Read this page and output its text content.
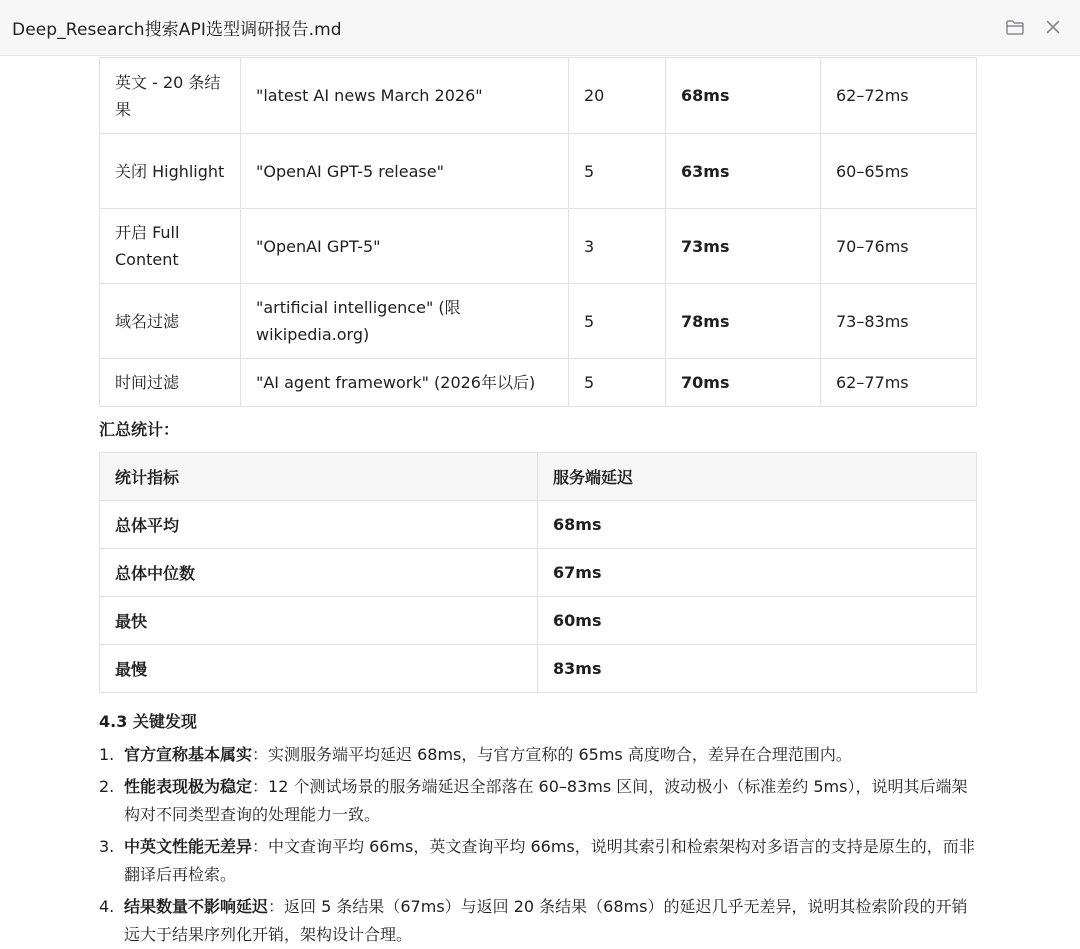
Deep_Research搜索API选型调研报告.md
英文 - 20 条结果	"latest AI news March 2026"	20	68ms	62–72ms
关闭 Highlight	"OpenAI GPT-5 release"	5	63ms	60–65ms
开启 Full Content	"OpenAI GPT-5"	3	73ms	70–76ms
域名过滤	"artificial intelligence" (限 wikipedia.org)	5	78ms	73–83ms
时间过滤	"AI agent framework" (2026年以后)	5	70ms	62–77ms
汇总统计：
统计指标	服务端延迟
总体平均	68ms
总体中位数	67ms
最快	60ms
最慢	83ms
4.3 关键发现
1. 官方宣称基本属实：实测服务端平均延迟 68ms，与官方宣称的 65ms 高度吻合，差异在合理范围内。
2. 性能表现极为稳定：12 个测试场景的服务端延迟全部落在 60–83ms 区间，波动极小（标准差约 5ms），说明其后端架构对不同类型查询的处理能力一致。
3. 中英文性能无差异：中文查询平均 66ms，英文查询平均 66ms，说明其索引和检索架构对多语言的支持是原生的，而非翻译后再检索。
4. 结果数量不影响延迟：返回 5 条结果（67ms）与返回 20 条结果（68ms）的延迟几乎无差异，说明其检索阶段的开销远大于结果序列化开销，架构设计合理。
